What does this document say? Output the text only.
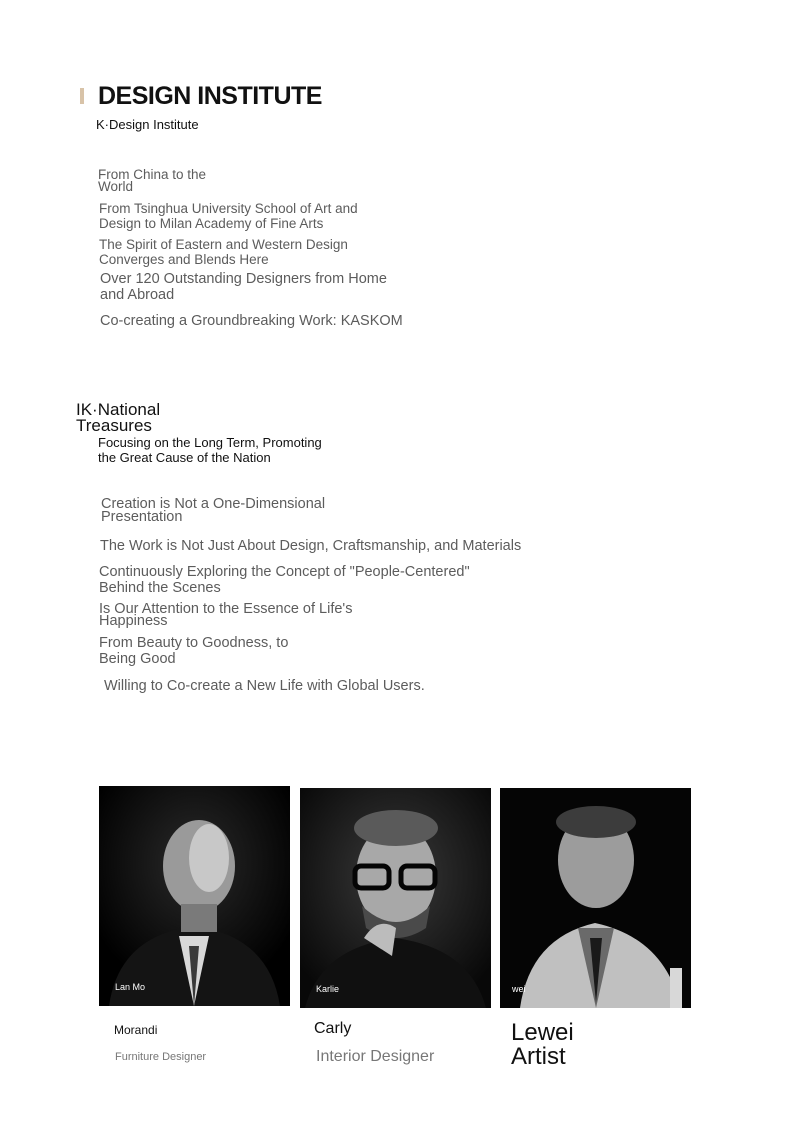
DESIGN INSTITUTE
K·Design Institute
From China to the
World
From Tsinghua University School of Art and
Design to Milan Academy of Fine Arts
The Spirit of Eastern and Western Design
Converges and Blends Here
Over 120 Outstanding Designers from Home
and Abroad
Co-creating a Groundbreaking Work: KASKOM
IK·National
Treasures
Focusing on the Long Term, Promoting
the Great Cause of the Nation
Creation is Not a One-Dimensional
Presentation
The Work is Not Just About Design, Craftsmanship, and Materials
Continuously Exploring the Concept of "People-Centered"
Behind the Scenes
Is Our Attention to the Essence of Life's
Happiness
From Beauty to Goodness, to
Being Good
Willing to Co-create a New Life with Global Users.
Lan Mo	Karlie	wei
Morandi
Furniture Designer
Carly
Interior Designer
Lewei
Artist
